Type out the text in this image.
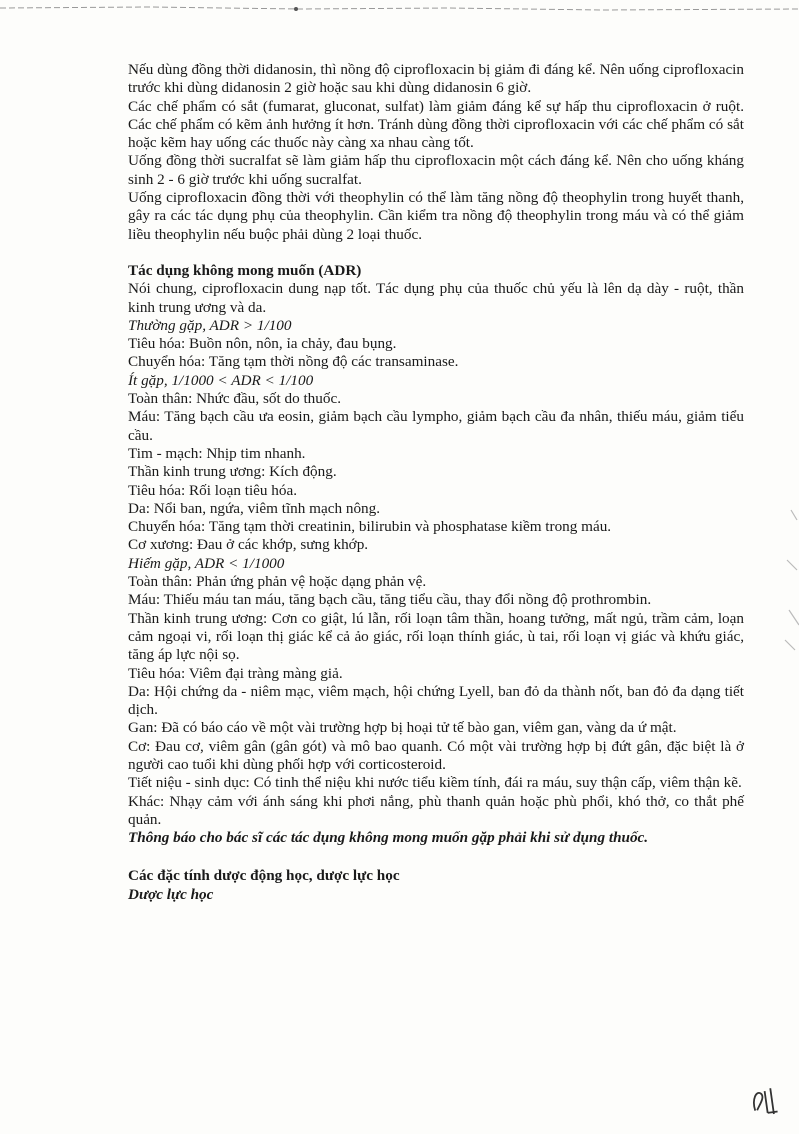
Nếu dùng đồng thời didanosin, thì nồng độ ciprofloxacin bị giảm đi đáng kể. Nên uống ciprofloxacin trước khi dùng didanosin 2 giờ hoặc sau khi dùng didanosin 6 giờ.

Các chế phẩm có sắt (fumarat, gluconat, sulfat) làm giảm đáng kể sự hấp thu ciprofloxacin ở ruột. Các chế phẩm có kẽm ảnh hưởng ít hơn. Tránh dùng đồng thời ciprofloxacin với các chế phẩm có sắt hoặc kẽm hay uống các thuốc này càng xa nhau càng tốt.

Uống đồng thời sucralfat sẽ làm giảm hấp thu ciprofloxacin một cách đáng kể. Nên cho uống kháng sinh 2 - 6 giờ trước khi uống sucralfat.

Uống ciprofloxacin đồng thời với theophylin có thể làm tăng nồng độ theophylin trong huyết thanh, gây ra các tác dụng phụ của theophylin. Cần kiểm tra nồng độ theophylin trong máu và có thể giảm liều theophylin nếu buộc phải dùng 2 loại thuốc.

Tác dụng không mong muốn (ADR)

Nói chung, ciprofloxacin dung nạp tốt. Tác dụng phụ của thuốc chủ yếu là lên dạ dày - ruột, thần kinh trung ương và da.

Thường gặp, ADR > 1/100

Tiêu hóa: Buồn nôn, nôn, ỉa chảy, đau bụng.

Chuyển hóa: Tăng tạm thời nồng độ các transaminase.

Ít gặp, 1/1000 < ADR < 1/100

Toàn thân: Nhức đầu, sốt do thuốc.

Máu: Tăng bạch cầu ưa eosin, giảm bạch cầu lympho, giảm bạch cầu đa nhân, thiếu máu, giảm tiểu cầu.

Tim - mạch: Nhịp tim nhanh.

Thần kinh trung ương: Kích động.

Tiêu hóa: Rối loạn tiêu hóa.

Da: Nổi ban, ngứa, viêm tĩnh mạch nông.

Chuyển hóa: Tăng tạm thời creatinin, bilirubin và phosphatase kiềm trong máu.

Cơ xương: Đau ở các khớp, sưng khớp.

Hiếm gặp, ADR < 1/1000

Toàn thân: Phản ứng phản vệ hoặc dạng phản vệ.

Máu: Thiếu máu tan máu, tăng bạch cầu, tăng tiểu cầu, thay đổi nồng độ prothrombin.

Thần kinh trung ương: Cơn co giật, lú lẫn, rối loạn tâm thần, hoang tưởng, mất ngủ, trầm cảm, loạn cảm ngoại vi, rối loạn thị giác kể cả ảo giác, rối loạn thính giác, ù tai, rối loạn vị giác và khứu giác, tăng áp lực nội sọ.

Tiêu hóa: Viêm đại tràng màng giả.

Da: Hội chứng da - niêm mạc, viêm mạch, hội chứng Lyell, ban đỏ da thành nốt, ban đỏ đa dạng tiết dịch.

Gan: Đã có báo cáo về một vài trường hợp bị hoại tử tế bào gan, viêm gan, vàng da ứ mật.

Cơ: Đau cơ, viêm gân (gân gót) và mô bao quanh. Có một vài trường hợp bị đứt gân, đặc biệt là ở người cao tuổi khi dùng phối hợp với corticosteroid.

Tiết niệu - sinh dục: Có tinh thể niệu khi nước tiểu kiềm tính, đái ra máu, suy thận cấp, viêm thận kẽ.

Khác: Nhạy cảm với ánh sáng khi phơi nắng, phù thanh quản hoặc phù phổi, khó thở, co thắt phế quản.

Thông báo cho bác sĩ các tác dụng không mong muốn gặp phải khi sử dụng thuốc.

Các đặc tính dược động học, dược lực học

Dược lực học
